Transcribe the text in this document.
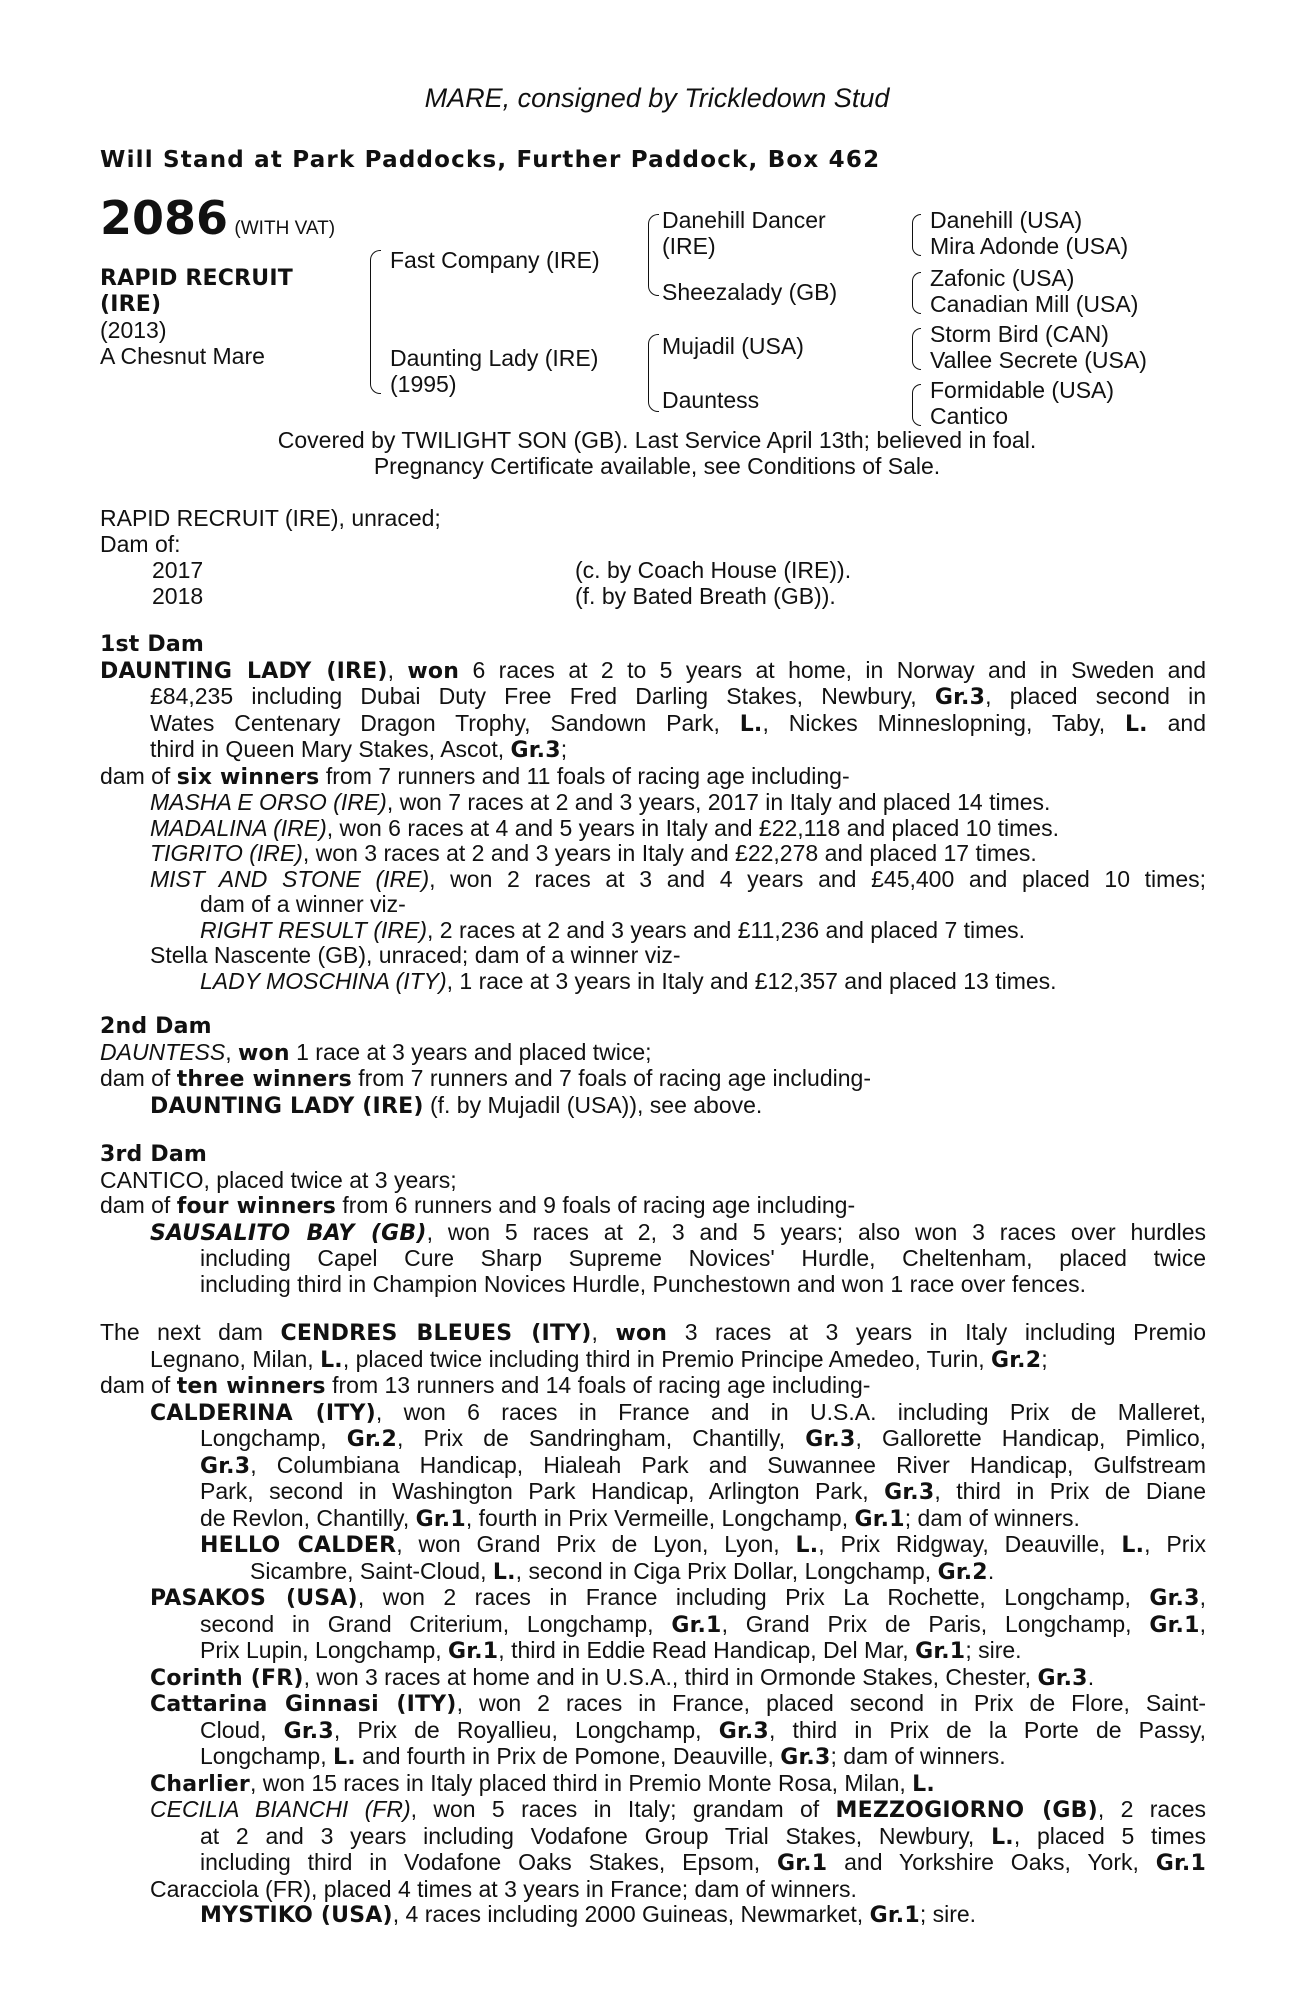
MARE, consigned by Trickledown Stud
Will Stand at Park Paddocks, Further Paddock, Box 462
2086 (WITH VAT)
RAPID RECRUIT
(IRE)
(2013)
A Chesnut Mare
Fast Company (IRE)
Daunting Lady (IRE)
(1995)
Danehill Dancer
(IRE)
Sheezalady (GB)
Mujadil (USA)
Dauntess
Danehill (USA)
Mira Adonde (USA)
Zafonic (USA)
Canadian Mill (USA)
Storm Bird (CAN)
Vallee Secrete (USA)
Formidable (USA)
Cantico
Covered by TWILIGHT SON (GB). Last Service April 13th; believed in foal.
Pregnancy Certificate available, see Conditions of Sale.
RAPID RECRUIT (IRE), unraced;
Dam of:
2017	(c. by Coach House (IRE)).
2018	(f. by Bated Breath (GB)).
1st Dam
DAUNTING LADY (IRE), won 6 races at 2 to 5 years at home, in Norway and in Sweden and
£84,235 including Dubai Duty Free Fred Darling Stakes, Newbury, Gr.3, placed second in
Wates Centenary Dragon Trophy, Sandown Park, L., Nickes Minneslopning, Taby, L. and
third in Queen Mary Stakes, Ascot, Gr.3;
dam of six winners from 7 runners and 11 foals of racing age including-
MASHA E ORSO (IRE), won 7 races at 2 and 3 years, 2017 in Italy and placed 14 times.
MADALINA (IRE), won 6 races at 4 and 5 years in Italy and £22,118 and placed 10 times.
TIGRITO (IRE), won 3 races at 2 and 3 years in Italy and £22,278 and placed 17 times.
MIST AND STONE (IRE), won 2 races at 3 and 4 years and £45,400 and placed 10 times;
dam of a winner viz-
RIGHT RESULT (IRE), 2 races at 2 and 3 years and £11,236 and placed 7 times.
Stella Nascente (GB), unraced; dam of a winner viz-
LADY MOSCHINA (ITY), 1 race at 3 years in Italy and £12,357 and placed 13 times.
2nd Dam
DAUNTESS, won 1 race at 3 years and placed twice;
dam of three winners from 7 runners and 7 foals of racing age including-
DAUNTING LADY (IRE) (f. by Mujadil (USA)), see above.
3rd Dam
CANTICO, placed twice at 3 years;
dam of four winners from 6 runners and 9 foals of racing age including-
SAUSALITO BAY (GB), won 5 races at 2, 3 and 5 years; also won 3 races over hurdles
including Capel Cure Sharp Supreme Novices' Hurdle, Cheltenham, placed twice
including third in Champion Novices Hurdle, Punchestown and won 1 race over fences.
The next dam CENDRES BLEUES (ITY), won 3 races at 3 years in Italy including Premio
Legnano, Milan, L., placed twice including third in Premio Principe Amedeo, Turin, Gr.2;
dam of ten winners from 13 runners and 14 foals of racing age including-
CALDERINA (ITY), won 6 races in France and in U.S.A. including Prix de Malleret,
Longchamp, Gr.2, Prix de Sandringham, Chantilly, Gr.3, Gallorette Handicap, Pimlico,
Gr.3, Columbiana Handicap, Hialeah Park and Suwannee River Handicap, Gulfstream
Park, second in Washington Park Handicap, Arlington Park, Gr.3, third in Prix de Diane
de Revlon, Chantilly, Gr.1, fourth in Prix Vermeille, Longchamp, Gr.1; dam of winners.
HELLO CALDER, won Grand Prix de Lyon, Lyon, L., Prix Ridgway, Deauville, L., Prix
Sicambre, Saint-Cloud, L., second in Ciga Prix Dollar, Longchamp, Gr.2.
PASAKOS (USA), won 2 races in France including Prix La Rochette, Longchamp, Gr.3,
second in Grand Criterium, Longchamp, Gr.1, Grand Prix de Paris, Longchamp, Gr.1,
Prix Lupin, Longchamp, Gr.1, third in Eddie Read Handicap, Del Mar, Gr.1; sire.
Corinth (FR), won 3 races at home and in U.S.A., third in Ormonde Stakes, Chester, Gr.3.
Cattarina Ginnasi (ITY), won 2 races in France, placed second in Prix de Flore, Saint-
Cloud, Gr.3, Prix de Royallieu, Longchamp, Gr.3, third in Prix de la Porte de Passy,
Longchamp, L. and fourth in Prix de Pomone, Deauville, Gr.3; dam of winners.
Charlier, won 15 races in Italy placed third in Premio Monte Rosa, Milan, L.
CECILIA BIANCHI (FR), won 5 races in Italy; grandam of MEZZOGIORNO (GB), 2 races
at 2 and 3 years including Vodafone Group Trial Stakes, Newbury, L., placed 5 times
including third in Vodafone Oaks Stakes, Epsom, Gr.1 and Yorkshire Oaks, York, Gr.1
Caracciola (FR), placed 4 times at 3 years in France; dam of winners.
MYSTIKO (USA), 4 races including 2000 Guineas, Newmarket, Gr.1; sire.
